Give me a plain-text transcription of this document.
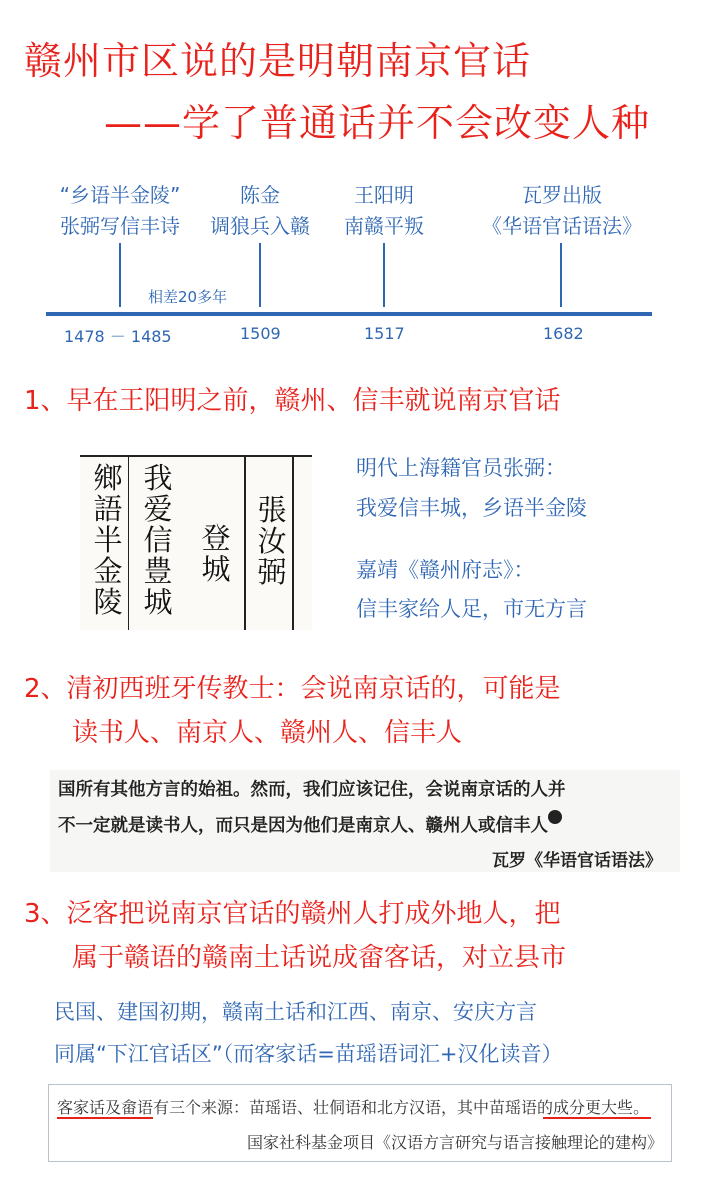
赣州市区说的是明朝南京官话
——学了普通话并不会改变人种
“乡语半金陵”
张弼写信丰诗
陈金
调狼兵入赣
王阳明
南赣平叛
瓦罗出版
《华语官话语法》
相差20多年
1478 － 1485	1509	1517	1682
1、早在王阳明之前，赣州、信丰就说南京官话
鄉語半金陵
我爱信豊城
登城
張汝弼
明代上海籍官员张弼：
我爱信丰城，乡语半金陵
嘉靖《赣州府志》：
信丰家给人足，市无方言
2、清初西班牙传教士：会说南京话的，可能是
读书人、南京人、赣州人、信丰人
国所有其他方言的始祖。然而，我们应该记住，会说南京话的人并
不一定就是读书人，而只是因为他们是南京人、赣州人或信丰人
瓦罗《华语官话语法》
3、泛客把说南京官话的赣州人打成外地人，把
属于赣语的赣南土话说成畲客话，对立县市
民国、建国初期，赣南土话和江西、南京、安庆方言
同属“下江官话区”（而客家话=苗瑶语词汇+汉化读音）
客家话及畲语有三个来源：苗瑶语、壮侗语和北方汉语，其中苗瑶语的成分更大些。
国家社科基金项目《汉语方言研究与语言接触理论的建构》
